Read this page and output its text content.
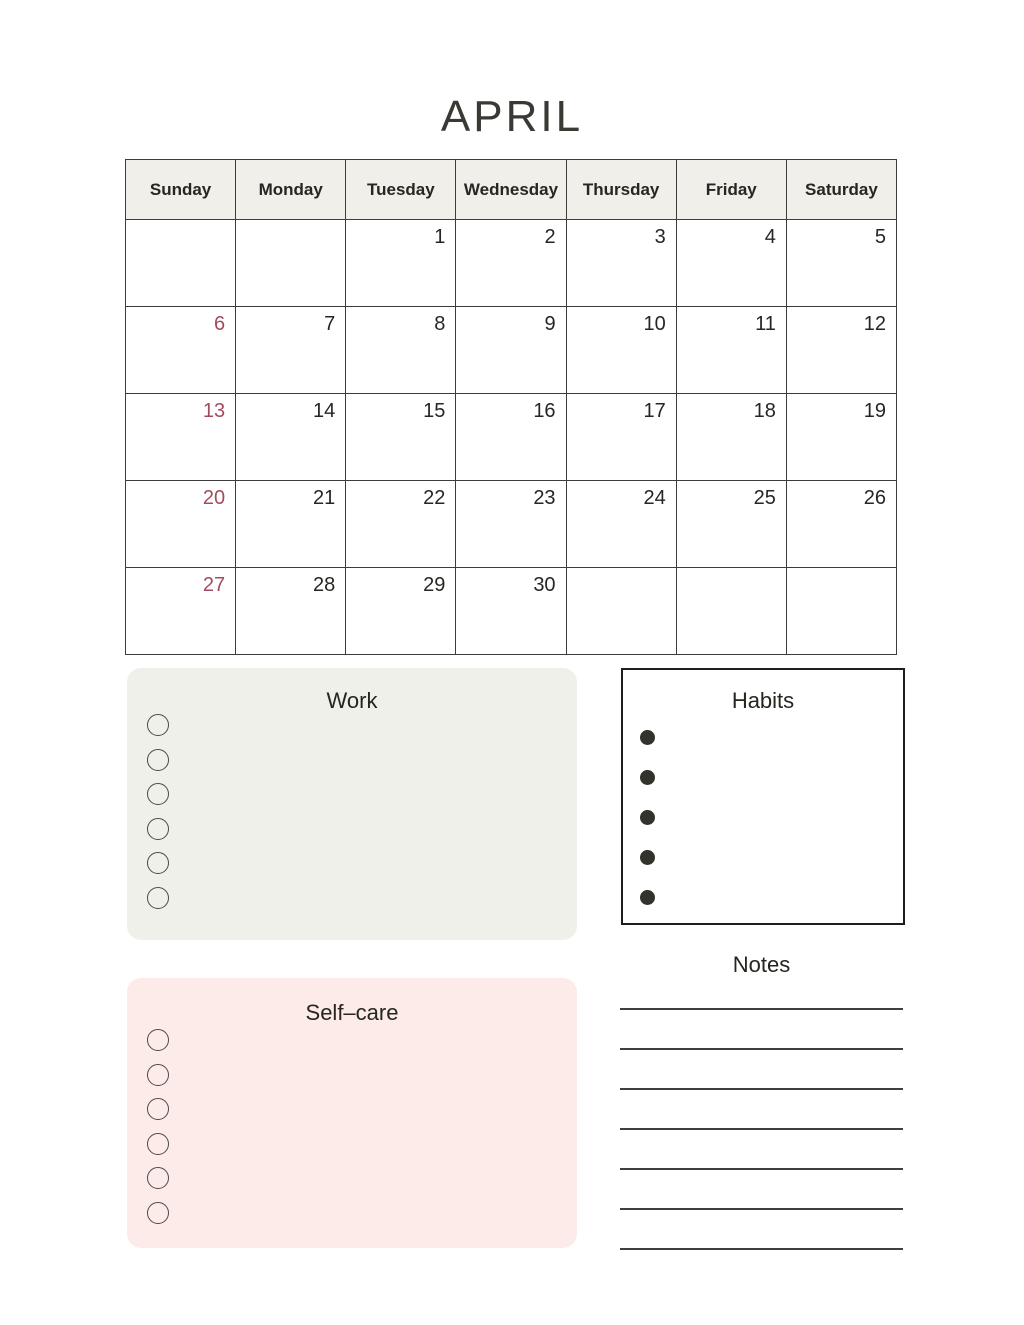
APRIL
Sunday	Monday	Tuesday	Wednesday	Thursday	Friday	Saturday
		1	2	3	4	5
6	7	8	9	10	11	12
13	14	15	16	17	18	19
20	21	22	23	24	25	26
27	28	29	30			
Work	Habits
Self–care
Notes
